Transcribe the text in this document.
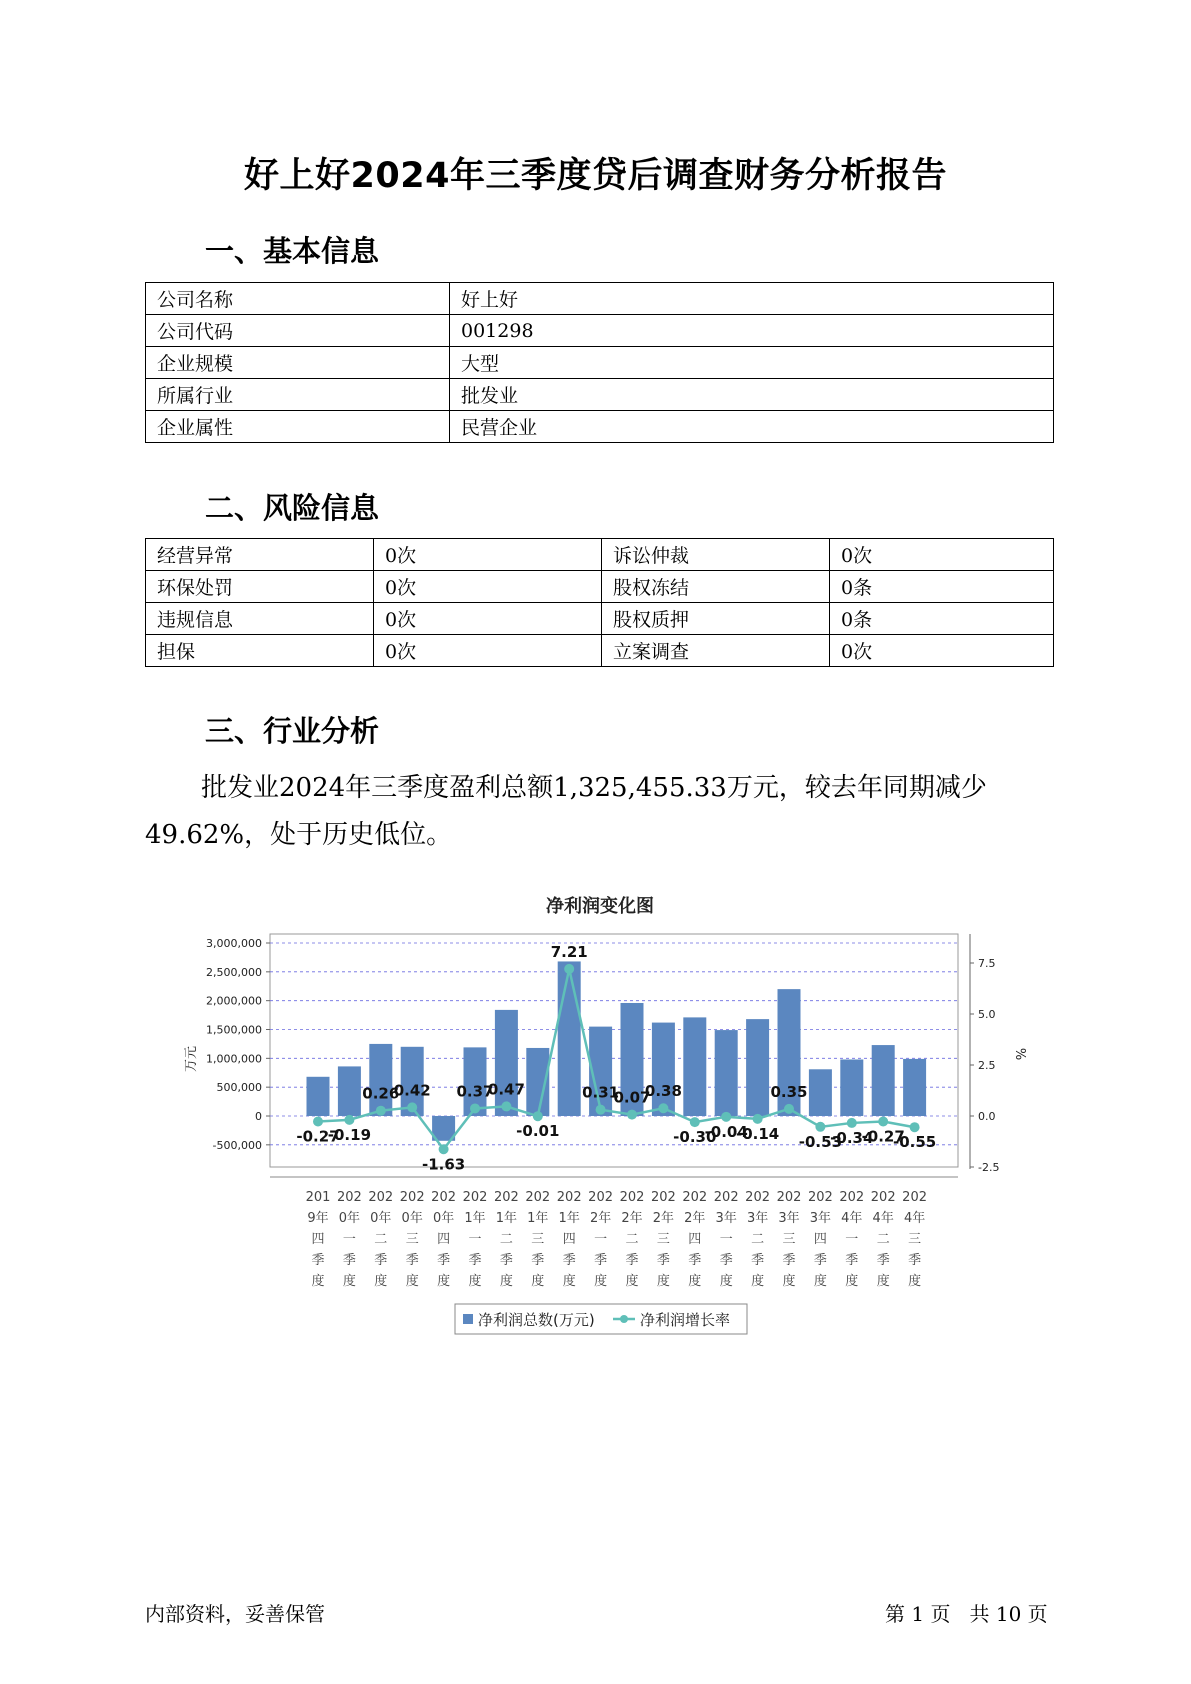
好上好2024年三季度贷后调查财务分析报告
一、基本信息
公司名称	好上好
公司代码	001298
企业规模	大型
所属行业	批发业
企业属性	民营企业
二、风险信息
经营异常	0次	诉讼仲裁	0次
环保处罚	0次	股权冻结	0条
违规信息	0次	股权质押	0条
担保	0次	立案调查	0次
三、行业分析

批发业2024年三季度盈利总额1,325,455.33万元，较去年同期减少49.62%，处于历史低位。

净利润变化图
3,000,000
2,500,000
2,000,000
1,500,000
1,000,000
500,000
0
-500,000
7.5
5.0
2.5
0.0
-2.5
万元	%
-0.27
-0.19
0.26
0.42
-1.63
0.37
0.47
-0.01
7.21
0.31
0.07
0.38
-0.30
-0.04
-0.14
0.35
-0.53
-0.34
-0.27
-0.55
201
9年
四
季
度
202
0年
一
季
度
202
0年
二
季
度
202
0年
三
季
度
202
0年
四
季
度
202
1年
一
季
度
202
1年
二
季
度
202
1年
三
季
度
202
1年
四
季
度
202
2年
一
季
度
202
2年
二
季
度
202
2年
三
季
度
202
2年
四
季
度
202
3年
一
季
度
202
3年
二
季
度
202
3年
三
季
度
202
3年
四
季
度
202
4年
一
季
度
202
4年
二
季
度
202
4年
三
季
度
净利润总数(万元)	净利润增长率
内部资料，妥善保管	第 1 页   共 10 页
